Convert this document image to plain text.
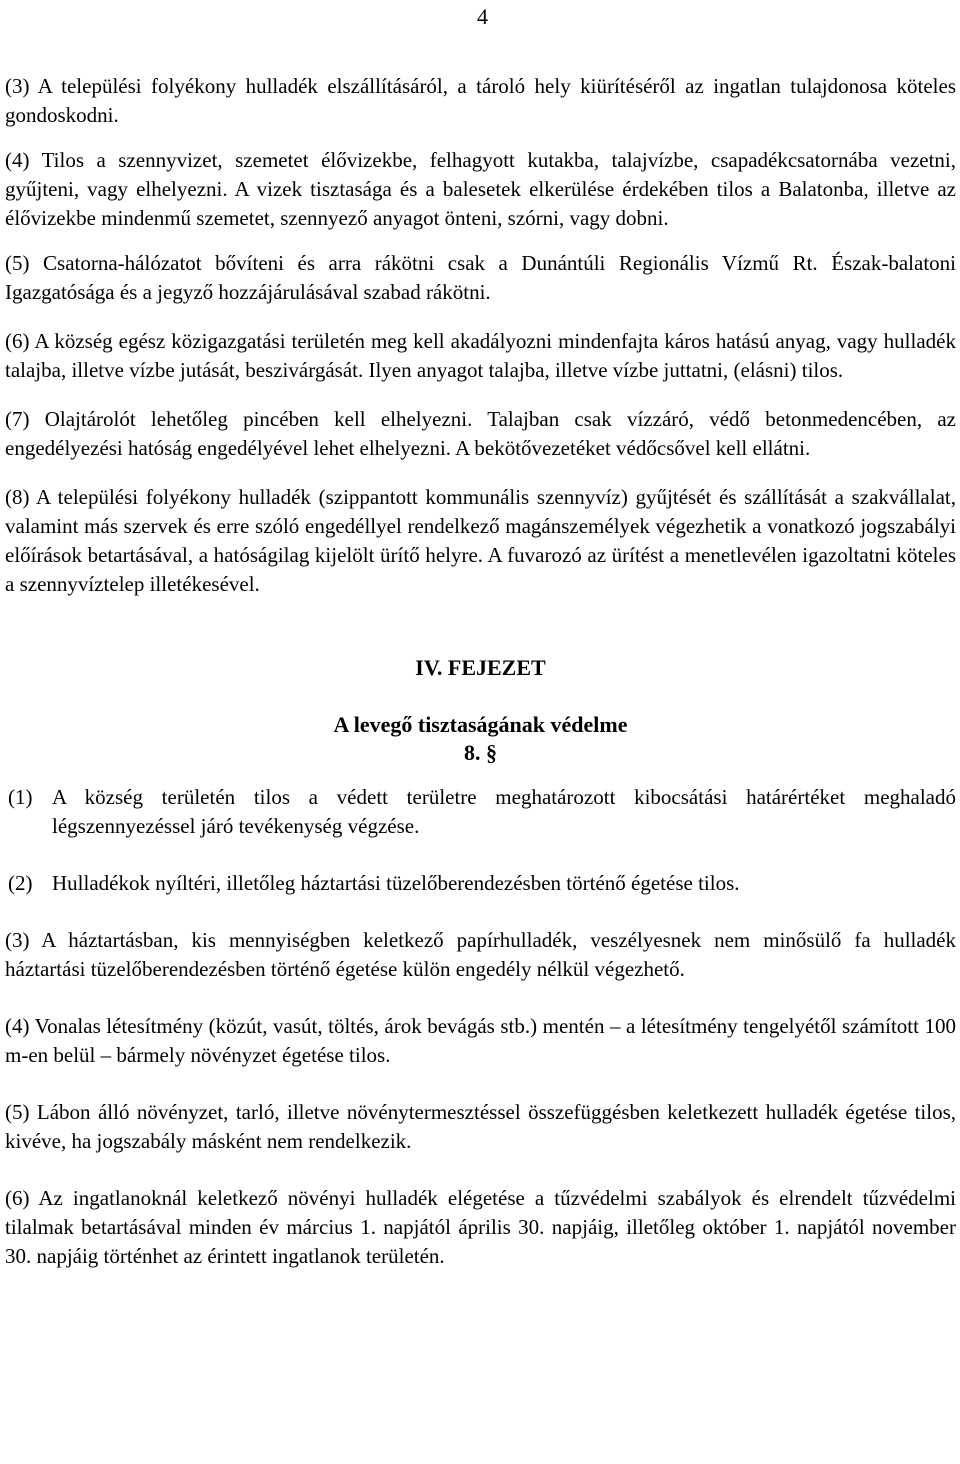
4

(3) A települési folyékony hulladék elszállításáról, a tároló hely kiürítéséről az ingatlan tulajdonosa köteles gondoskodni.

(4) Tilos a szennyvizet, szemetet élővizekbe, felhagyott kutakba, talajvízbe, csapadékcsatornába vezetni, gyűjteni, vagy elhelyezni. A vizek tisztasága és a balesetek elkerülése érdekében tilos a Balatonba, illetve az élővizekbe mindenmű szemetet, szennyező anyagot önteni, szórni, vagy dobni.

(5) Csatorna-hálózatot bővíteni és arra rákötni csak a Dunántúli Regionális Vízmű Rt. Észak-balatoni Igazgatósága és a jegyző hozzájárulásával szabad rákötni.

(6) A község egész közigazgatási területén meg kell akadályozni mindenfajta káros hatású anyag, vagy hulladék talajba, illetve vízbe jutását, beszivárgását. Ilyen anyagot talajba, illetve vízbe juttatni, (elásni) tilos.

(7) Olajtárolót lehetőleg pincében kell elhelyezni. Talajban csak vízzáró, védő betonmedencében, az engedélyezési hatóság engedélyével lehet elhelyezni. A bekötővezetéket védőcsővel kell ellátni.

(8) A települési folyékony hulladék (szippantott kommunális szennyvíz) gyűjtését és szállítását a szakvállalat, valamint más szervek és erre szóló engedéllyel rendelkező magánszemélyek végezhetik a vonatkozó jogszabályi előírások betartásával, a hatóságilag kijelölt ürítő helyre. A fuvarozó az ürítést a menetlevélen igazoltatni köteles a szennyvíztelep illetékesével.

IV. FEJEZET
A levegő tisztaságának védelme
8. §
(1) A község területén tilos a védett területre meghatározott kibocsátási határértéket meghaladó légszennyezéssel járó tevékenység végzése.
(2) Hulladékok nyíltéri, illetőleg háztartási tüzelőberendezésben történő égetése tilos.

(3) A háztartásban, kis mennyiségben keletkező papírhulladék, veszélyesnek nem minősülő fa hulladék háztartási tüzelőberendezésben történő égetése külön engedély nélkül végezhető.

(4) Vonalas létesítmény (közút, vasút, töltés, árok bevágás stb.) mentén – a létesítmény tengelyétől számított 100 m-en belül – bármely növényzet égetése tilos.

(5) Lábon álló növényzet, tarló, illetve növénytermesztéssel összefüggésben keletkezett hulladék égetése tilos, kivéve, ha jogszabály másként nem rendelkezik.

(6) Az ingatlanoknál keletkező növényi hulladék elégetése a tűzvédelmi szabályok és elrendelt tűzvédelmi tilalmak betartásával minden év március 1. napjától április 30. napjáig, illetőleg október 1. napjától november 30. napjáig történhet az érintett ingatlanok területén.
